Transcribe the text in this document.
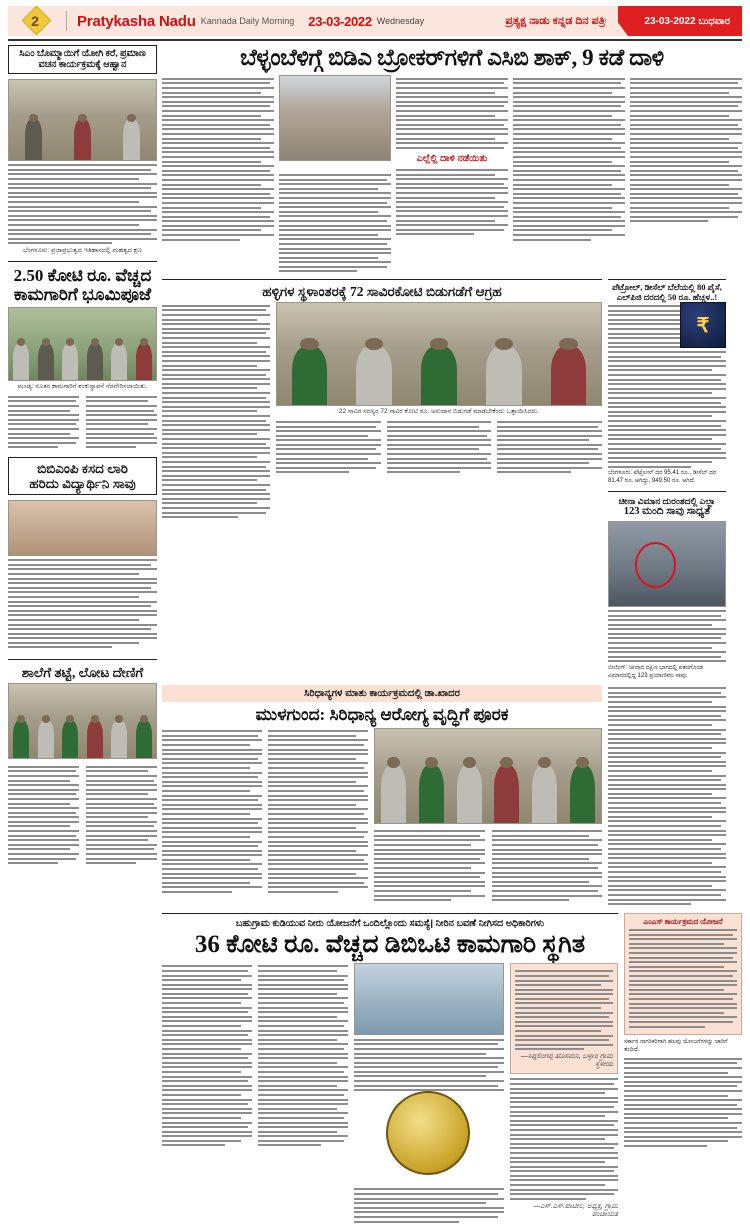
2	Pratykasha Nadu Kannada Daily Morning 23-03-2022 Wednesday	ಪ್ರತ್ಯಕ್ಷ ನಾಡು ಕನ್ನಡ ದಿನ ಪತ್ರಿಕೆ	23-03-2022 ಬುಧವಾರ
ಸಿಎಂ ಬೊಮ್ಮಾಯಿಗೆ ಯೋಗಿ ಕರೆ, ಪ್ರಮಾಣ ವಚನ ಕಾರ್ಯಕ್ರಮಕ್ಕೆ ಆಹ್ವಾನ
ಬೆಂಗಳೂರು: ಪ್ರಜಾಪ್ರಭುತ್ವದ ಇತಿಹಾಸದಲ್ಲಿ ಮಹತ್ವದ ಕ್ಷಣ
2.50 ಕೋಟಿ ರೂ. ವೆಚ್ಚದ
ಕಾಮಗಾರಿಗೆ ಭೂಮಿಪೂಜೆ
ಮಂಡ್ಯ: ನೂತನ ಕಾಮಗಾರಿಗೆ ಶಂಕುಸ್ಥಾಪನೆ ನೆರವೇರಿಸಲಾಯಿತು.
ಬಿಬಿಎಂಪಿ ಕಸದ ಲಾರಿ
ಹರಿದು ವಿದ್ಯಾರ್ಥಿನಿ ಸಾವು
ಶಾಲೆಗೆ ತಟ್ಟೆ, ಲೋಟ ದೇಣಿಗೆ
ಬೆಳ್ಳಂಬೆಳಿಗ್ಗೆ ಬಿಡಿಎ ಬ್ರೋಕರ್‌ಗಳಿಗೆ ಎಸಿಬಿ ಶಾಕ್, 9 ಕಡೆ ದಾಳಿ

ಎಲ್ಲೆಲ್ಲಿ ದಾಳಿ ನಡೆಯಿತು
ಹಳ್ಳಿಗಳ ಸ್ಥಳಾಂತರಕ್ಕೆ 72 ಸಾವಿರಕೋಟಿ ಬಿಡುಗಡೆಗೆ ಆಗ್ರಹ
22 ಸಾವಿರ ಸದಸ್ಯರ 72 ಸಾವಿರ ಕೋಟಿ ರೂ. ಅನುದಾನ ಬಿಡುಗಡೆ ಮಾಡಬೇಕೆಂದು ಒತ್ತಾಯಿಸಿದರು.
ಪೆಟ್ರೋಲ್, ಡೀಸೆಲ್ ಬೆಲೆಯಲ್ಲಿ 80 ಪೈಸೆ,
ಎಲ್‌ಪಿಜಿ ದರದಲ್ಲಿ 50 ರೂ. ಹೆಚ್ಚಳ..!
₹
ಬೆಂಗಳೂರು: ಪೆಟ್ರೋಲ್ ದರ 95.41 ರೂ., ಡೀಸೆಲ್ ದರ 81.47 ರೂ. ಆಗಿದ್ದು, 949.50 ರೂ. ಆಗಿದೆ.
ಚೀನಾ ವಿಮಾನ ದುರಂತದಲ್ಲಿ ಎಲ್ಲಾ
123 ಮಂದಿ ಸಾವು ಸಾಧ್ಯತೆ
ಬೀಜಿಂಗ್: ಚೀನಾದ ದಕ್ಷಿಣ ಭಾಗದಲ್ಲಿ ಪತನಗೊಂಡ ವಿಮಾನದಲ್ಲಿದ್ದ 123 ಪ್ರಯಾಣಿಕರು ಸಾವು.
ಸಿರಿಧಾನ್ಯಗಳ ಮಾತು ಕಾರ್ಯಕ್ರಮದಲ್ಲಿ ಡಾ.ಖಾದರ
ಮುಳಗುಂದ: ಸಿರಿಧಾನ್ಯ ಆರೋಗ್ಯ ವೃದ್ಧಿಗೆ ಪೂರಕ
ಬಹುಗ್ರಾಮ ಕುಡಿಯುವ ನೀರು ಯೋಜನೆಗೆ ಒಂದಿಲ್ಲೊಂದು ಸಮಸ್ಯೆ| ನೀರಿನ ಬವಣೆ ನೀಗಿಸದ ಅಧಿಕಾರಿಗಳು
36 ಕೋಟಿ ರೂ. ವೆಚ್ಚದ ಡಿಬಿಒಟಿ ಕಾಮಗಾರಿ ಸ್ಥಗಿತ
—ಸಿದ್ದಲಿಂಗಪ್ಪ ಹೊಸಮನಿ, ಬಳ್ಳಾರಿ ಗ್ರಾಮ ಸ್ಥಳೀಯ
—ಎಸ್.ಎಸ್.ಪಾಟೀಲ, ಅಧ್ಯಕ್ಷ, ಗ್ರಾಮ ಪಂಚಾಯತ
ಎಂಎಸ್ ಕಾರ್ಯಕ್ರಮದ ಯೋಜನೆ
ಸರ್ಕಾರ ನಾಗರಿಕರಿಗಾಗಿ ಹಲವು ಯೋಜನೆಗಳನ್ನು ಜಾರಿಗೆ ತಂದಿದೆ.
